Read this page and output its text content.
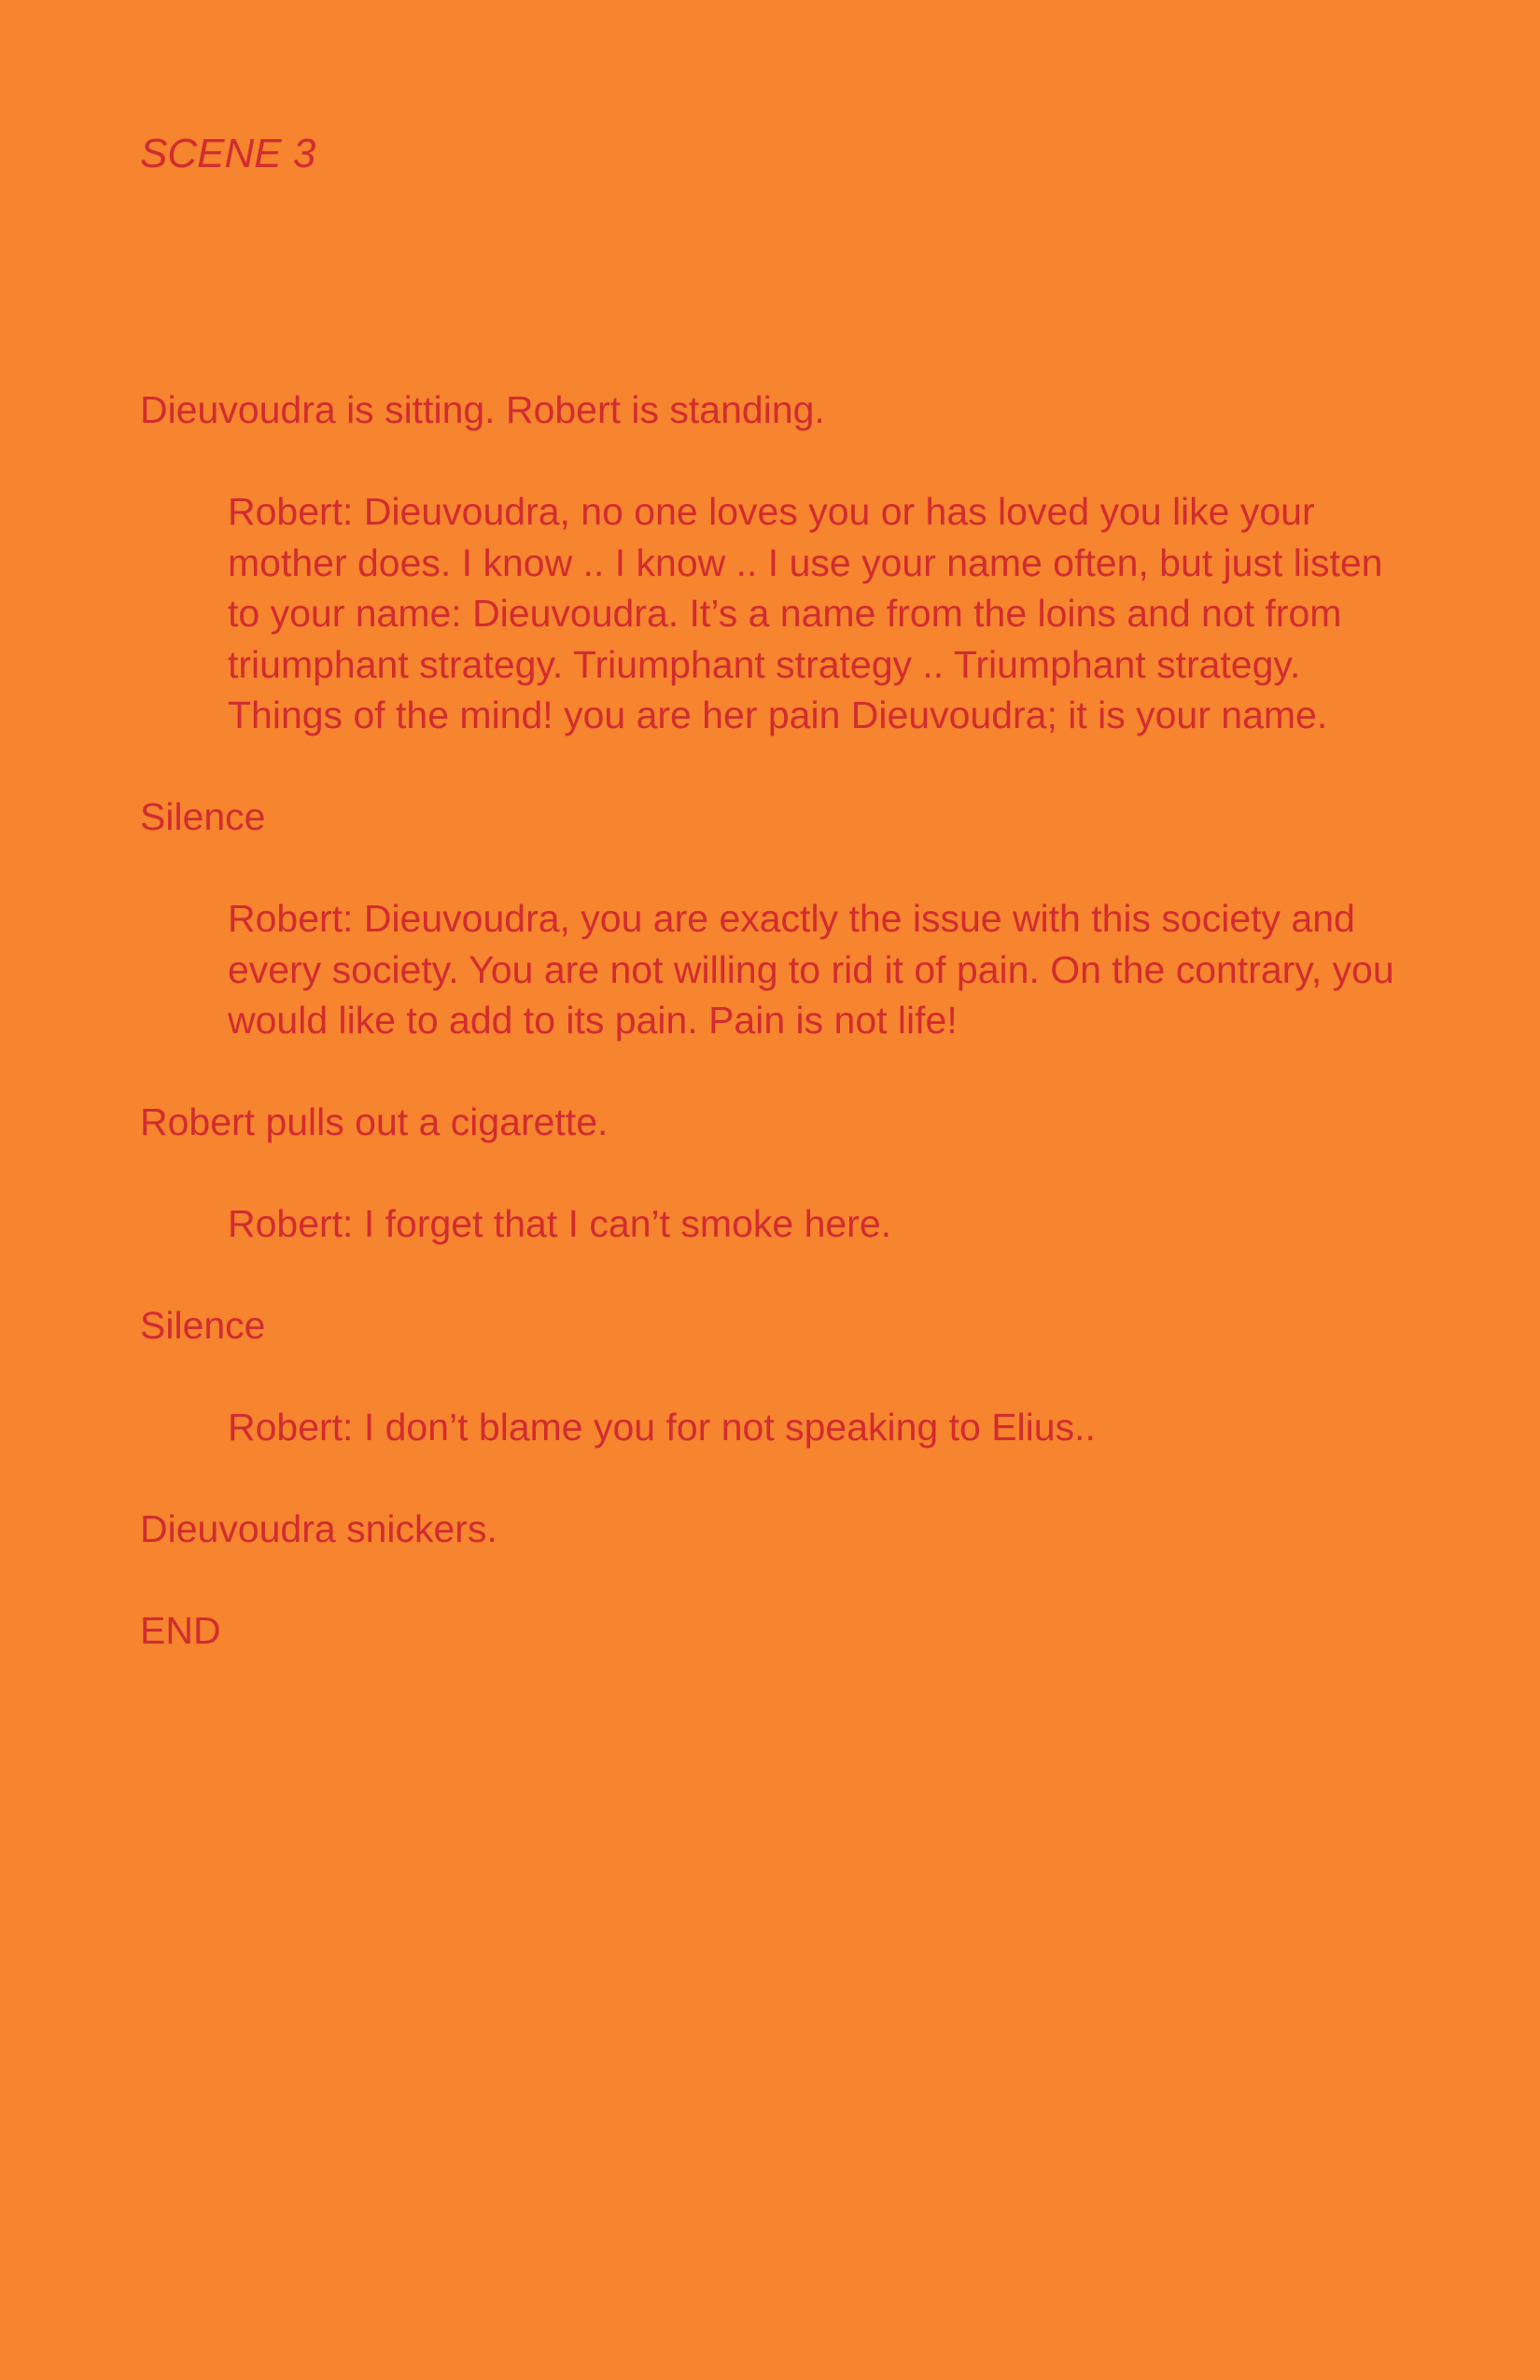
SCENE 3

Dieuvoudra is sitting. Robert is standing.

Robert: Dieuvoudra, no one loves you or has loved you like your mother does. I know .. I know .. I use your name often, but just listen to your name: Dieuvoudra. It’s a name from the loins and not from triumphant strategy. Triumphant strategy .. Triumphant strategy. Things of the mind! you are her pain Dieuvoudra; it is your name.

Silence

Robert: Dieuvoudra, you are exactly the issue with this society and every society. You are not willing to rid it of pain. On the contrary, you would like to add to its pain. Pain is not life!

Robert pulls out a cigarette.

Robert: I forget that I can’t smoke here.

Silence

Robert: I don’t blame you for not speaking to Elius..

Dieuvoudra snickers.

END
